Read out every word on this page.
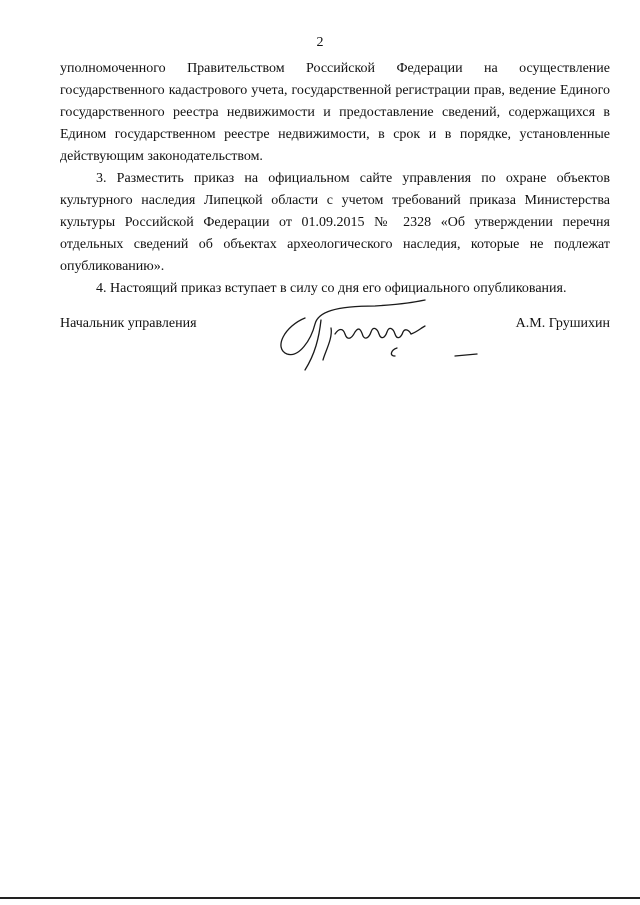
2

уполномоченного Правительством Российской Федерации на осуществление государственного кадастрового учета, государственной регистрации прав, ведение Единого государственного реестра недвижимости и предоставление сведений, содержащихся в Едином государственном реестре недвижимости, в срок и в порядке, установленные действующим законодательством.

3. Разместить приказ на официальном сайте управления по охране объектов культурного наследия Липецкой области с учетом требований приказа Министерства культуры Российской Федерации от 01.09.2015 № 2328 «Об утверждении перечня отдельных сведений об объектах археологического наследия, которые не подлежат опубликованию».

4. Настоящий приказ вступает в силу со дня его официального опубликования.

Начальник управления	А.М. Грушихин
